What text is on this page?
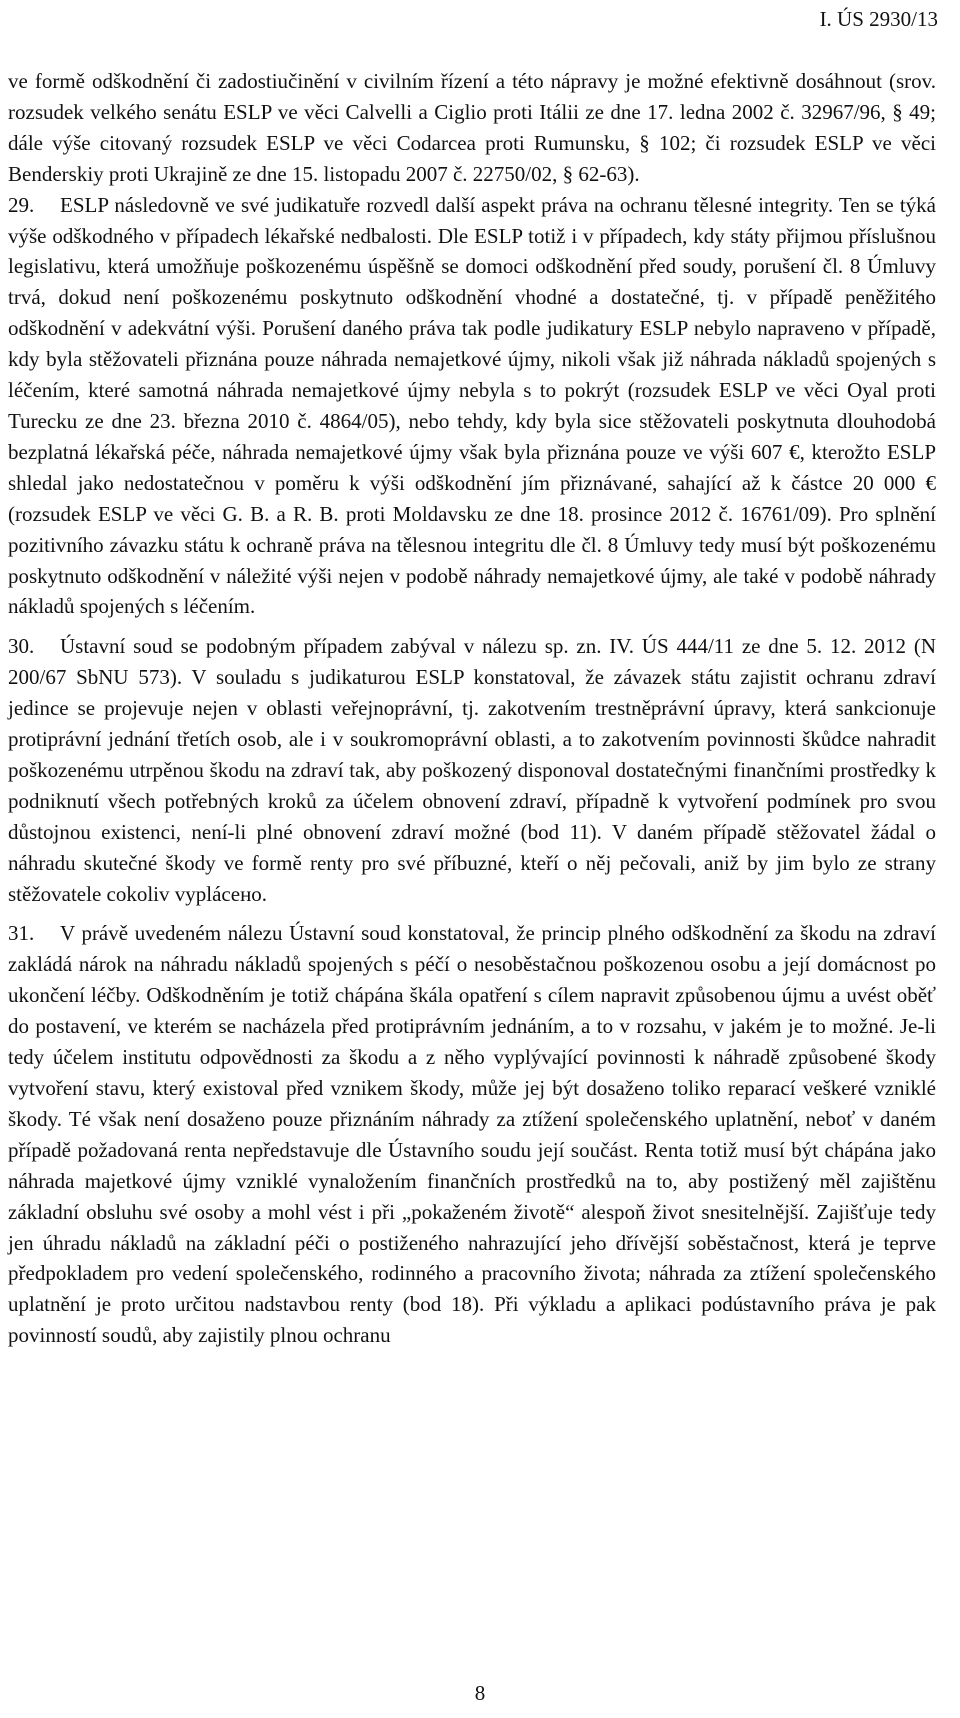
I. ÚS 2930/13

ve formě odškodnění či zadostiučinění v civilním řízení a této nápravy je možné efektivně dosáhnout (srov. rozsudek velkého senátu ESLP ve věci Calvelli a Ciglio proti Itálii ze dne 17. ledna 2002 č. 32967/96, § 49; dále výše citovaný rozsudek ESLP ve věci Codarcea proti Rumunsku, § 102; či rozsudek ESLP ve věci Benderskiy proti Ukrajině ze dne 15. listopadu 2007 č. 22750/02, § 62-63).

29. ESLP následovně ve své judikatuře rozvedl další aspekt práva na ochranu tělesné integrity. Ten se týká výše odškodného v případech lékařské nedbalosti. Dle ESLP totiž i v případech, kdy státy přijmou příslušnou legislativu, která umožňuje poškozenému úspěšně se domoci odškodnění před soudy, porušení čl. 8 Úmluvy trvá, dokud není poškozenému poskytnuto odškodnění vhodné a dostatečné, tj. v případě peněžitého odškodnění v adekvátní výši. Porušení daného práva tak podle judikatury ESLP nebylo napraveno v případě, kdy byla stěžovateli přiznána pouze náhrada nemajetkové újmy, nikoli však již náhrada nákladů spojených s léčením, které samotná náhrada nemajetkové újmy nebyla s to pokrýt (rozsudek ESLP ve věci Oyal proti Turecku ze dne 23. března 2010 č. 4864/05), nebo tehdy, kdy byla sice stěžovateli poskytnuta dlouhodobá bezplatná lékařská péče, náhrada nemajetkové újmy však byla přiznána pouze ve výši 607 €, kterožto ESLP shledal jako nedostatečnou v poměru k výši odškodnění jím přiznávané, sahající až k částce 20 000 € (rozsudek ESLP ve věci G. B. a R. B. proti Moldavsku ze dne 18. prosince 2012 č. 16761/09). Pro splnění pozitivního závazku státu k ochraně práva na tělesnou integritu dle čl. 8 Úmluvy tedy musí být poškozenému poskytnuto odškodnění v náležité výši nejen v podobě náhrady nemajetkové újmy, ale také v podobě náhrady nákladů spojených s léčením.

30. Ústavní soud se podobným případem zabýval v nálezu sp. zn. IV. ÚS 444/11 ze dne 5. 12. 2012 (N 200/67 SbNU 573). V souladu s judikaturou ESLP konstatoval, že závazek státu zajistit ochranu zdraví jedince se projevuje nejen v oblasti veřejnoprávní, tj. zakotvením trestněprávní úpravy, která sankcionuje protiprávní jednání třetích osob, ale i v soukromoprávní oblasti, a to zakotvením povinnosti škůdce nahradit poškozenému utrpěnou škodu na zdraví tak, aby poškozený disponoval dostatečnými finančními prostředky k podniknutí všech potřebných kroků za účelem obnovení zdraví, případně k vytvoření podmínek pro svou důstojnou existenci, není-li plné obnovení zdraví možné (bod 11). V daném případě stěžovatel žádal o náhradu skutečné škody ve formě renty pro své příbuzné, kteří o něj pečovali, aniž by jim bylo ze strany stěžovatele cokoliv vyplácено.

31. V právě uvedeném nálezu Ústavní soud konstatoval, že princip plného odškodnění za škodu na zdraví zakládá nárok na náhradu nákladů spojených s péčí o nesoběstačnou poškozenou osobu a její domácnost po ukončení léčby. Odškodněním je totiž chápána škála opatření s cílem napravit způsobenou újmu a uvést oběť do postavení, ve kterém se nacházela před protiprávním jednáním, a to v rozsahu, v jakém je to možné. Je-li tedy účelem institutu odpovědnosti za škodu a z něho vyplývající povinnosti k náhradě způsobené škody vytvoření stavu, který existoval před vznikem škody, může jej být dosaženo toliko reparací veškeré vzniklé škody. Té však není dosaženo pouze přiznáním náhrady za ztížení společenského uplatnění, neboť v daném případě požadovaná renta nepředstavuje dle Ústavního soudu její součást. Renta totiž musí být chápána jako náhrada majetkové újmy vzniklé vynaložením finančních prostředků na to, aby postižený měl zajištěnu základní obsluhu své osoby a mohl vést i při „pokaženém životě“ alespoň život snesitelnější. Zajišťuje tedy jen úhradu nákladů na základní péči o postiženého nahrazující jeho dřívější soběstačnost, která je teprve předpokladem pro vedení společenského, rodinného a pracovního života; náhrada za ztížení společenského uplatnění je proto určitou nadstavbou renty (bod 18). Při výkladu a aplikaci podústavního práva je pak povinností soudů, aby zajistily plnou ochranu

8
